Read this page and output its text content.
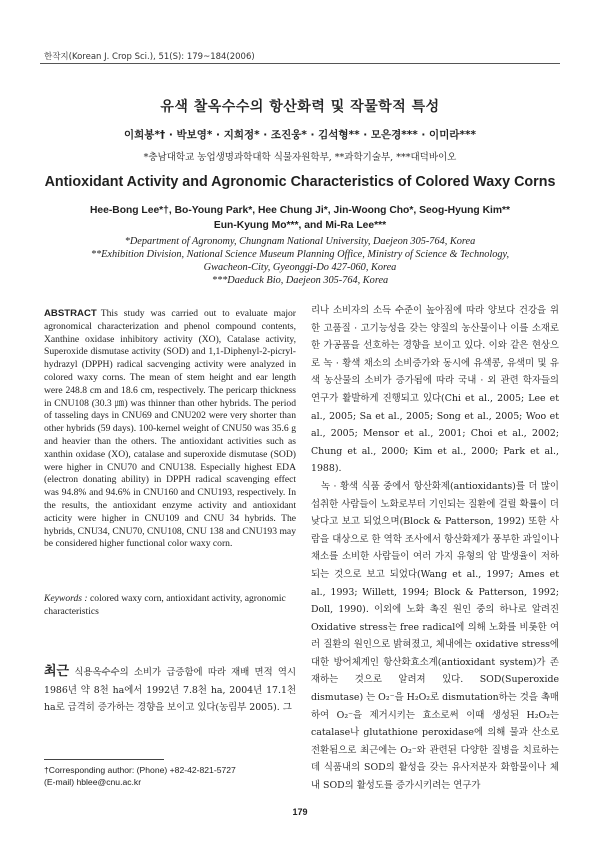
한작지(Korean J. Crop Sci.), 51(S): 179~184(2006)
유색 찰옥수수의 항산화력 및 작물학적 특성
이희봉*† · 박보영* · 지희정* · 조진웅* · 김석형** · 모은경*** · 이미라***
*충남대학교 농업생명과학대학 식물자원학부, **과학기술부, ***대덕바이오
Antioxidant Activity and Agronomic Characteristics of Colored Waxy Corns
Hee-Bong Lee*†, Bo-Young Park*, Hee Chung Ji*, Jin-Woong Cho*, Seog-Hyung Kim**
Eun-Kyung Mo***, and Mi-Ra Lee***
*Department of Agronomy, Chungnam National University, Daejeon 305-764, Korea
**Exhibition Division, National Science Museum Planning Office, Ministry of Science & Technology,
Gwacheon-City, Gyeonggi-Do 427-060, Korea
***Daeduck Bio, Daejeon 305-764, Korea
ABSTRACT This study was carried out to evaluate major agronomical characterization and phenol compound contents, Xanthine oxidase inhibitory activity (XO), Catalase activity, Superoxide dismutase activity (SOD) and 1,1-Diphenyl-2-picryl-hydrazyl (DPPH) radical sacvenging activity were analyzed in colored waxy corns. The mean of stem height and ear length were 248.8 cm and 18.6 cm, respectively. The pericarp thickness in CNU108 (30.3 ㎛) was thinner than other hybrids. The period of tasseling days in CNU69 and CNU202 were very shorter than other hybrids (59 days). 100-kernel weight of CNU50 was 35.6 g and heavier than the others. The antioxidant activities such as xanthin oxidase (XO), catalase and superoxide dismutase (SOD) were higher in CNU70 and CNU138. Especially highest EDA (electron donating ability) in DPPH radical scavenging effect was 94.8% and 94.6% in CNU160 and CNU193, respectively. In the results, the antioxidant enzyme activity and antioxidant acticity were higher in CNU109 and CNU 34 hybrids. The hybrids, CNU34, CNU70, CNU108, CNU 138 and CNU193 may be considered higher functional color waxy corn.
Keywords : colored waxy corn, antioxidant activity, agronomic characteristics
최근 식용옥수수의 소비가 급증함에 따라 재배 면적 역시 1986년 약 8천 ha에서 1992년 7.8천 ha, 2004년 17.1천 ha로 급격히 증가하는 경향을 보이고 있다(농림부 2005). 그

리나 소비자의 소득 수준이 높아짐에 따라 양보다 건강을 위한 고품질 · 고기능성을 갖는 양질의 농산물이나 이를 소재로 한 가공품을 선호하는 경향을 보이고 있다. 이와 같은 현상으로 녹 · 황색 채소의 소비증가와 동시에 유색콩, 유색미 및 유색 농산물의 소비가 증가됨에 따라 국내 · 외 관련 학자들의 연구가 활발하게 진행되고 있다(Chi et al., 2005; Lee et al., 2005; Sa et al., 2005; Song et al., 2005; Woo et al., 2005; Mensor et al., 2001; Choi et al., 2002; Chung et al., 2000; Kim et al., 2000; Park et al., 1988).

녹 · 황색 식품 중에서 항산화제(antioxidants)를 더 많이 섭취한 사람들이 노화로부터 기인되는 질환에 걸릴 확률이 더 낮다고 보고 되었으며(Block & Patterson, 1992) 또한 사람을 대상으로 한 역학 조사에서 항산화제가 풍부한 과일이나 채소를 소비한 사람들이 여러 가지 유형의 암 발생율이 저하되는 것으로 보고 되었다(Wang et al., 1997; Ames et al., 1993; Willett, 1994; Block & Patterson, 1992; Doll, 1990). 이외에 노화 촉진 원인 중의 하나로 알려진 Oxidative stress는 free radical에 의해 노화를 비롯한 여러 질환의 원인으로 밝혀졌고, 체내에는 oxidative stress에 대한 방어체계인 항산화효소계(antioxidant system)가 존재하는 것으로 알려져 있다. SOD(Superoxide dismutase) 는 O₂⁻을 H₂O₂로 dismutation하는 것을 촉매하여 O₂⁻을 제거시키는 효소로써 이때 생성된 H₂O₂는 catalase나 glutathione peroxidase에 의해 물과 산소로 전환됨으로 최근에는 O₂⁻와 관련된 다양한 질병을 치료하는데 식품내의 SOD의 활성을 갖는 유사저분자 화합물이나 체내 SOD의 활성도를 증가시키려는 연구가

†Corresponding author: (Phone) +82-42-821-5727
(E-mail) hblee@cnu.ac.kr
179
